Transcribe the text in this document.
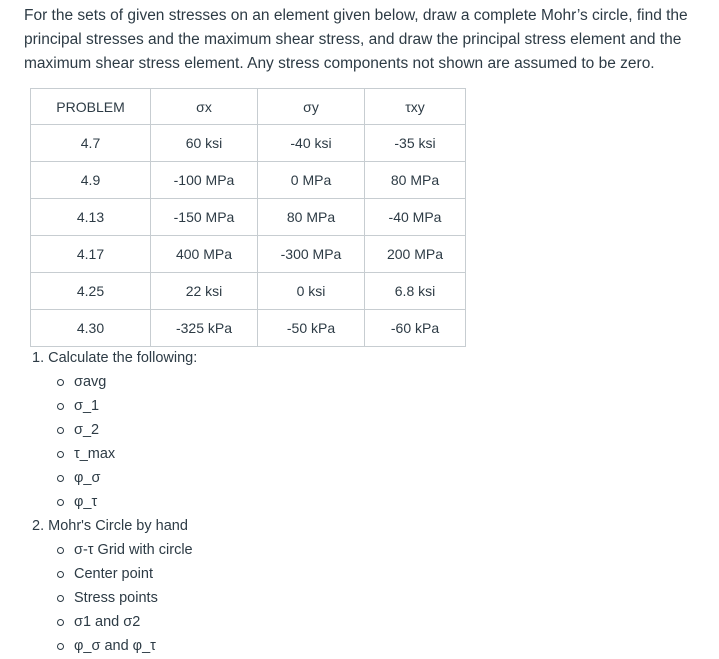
For the sets of given stresses on an element given below, draw a complete Mohr’s circle, find the principal stresses and the maximum shear stress, and draw the principal stress element and the maximum shear stress element. Any stress components not shown are assumed to be zero.

PROBLEM	σx	σy	τxy
4.7	60 ksi	-40 ksi	-35 ksi
4.9	-100 MPa	0 MPa	80 MPa
4.13	-150 MPa	80 MPa	-40 MPa
4.17	400 MPa	-300 MPa	200 MPa
4.25	22 ksi	0 ksi	6.8 ksi
4.30	-325 kPa	-50 kPa	-60 kPa
1. Calculate the following:
σavg
σ_1
σ_2
τ_max
φ_σ
φ_τ
2. Mohr's Circle by hand
σ-τ Grid with circle
Center point
Stress points
σ1 and σ2
φ_σ and φ_τ
